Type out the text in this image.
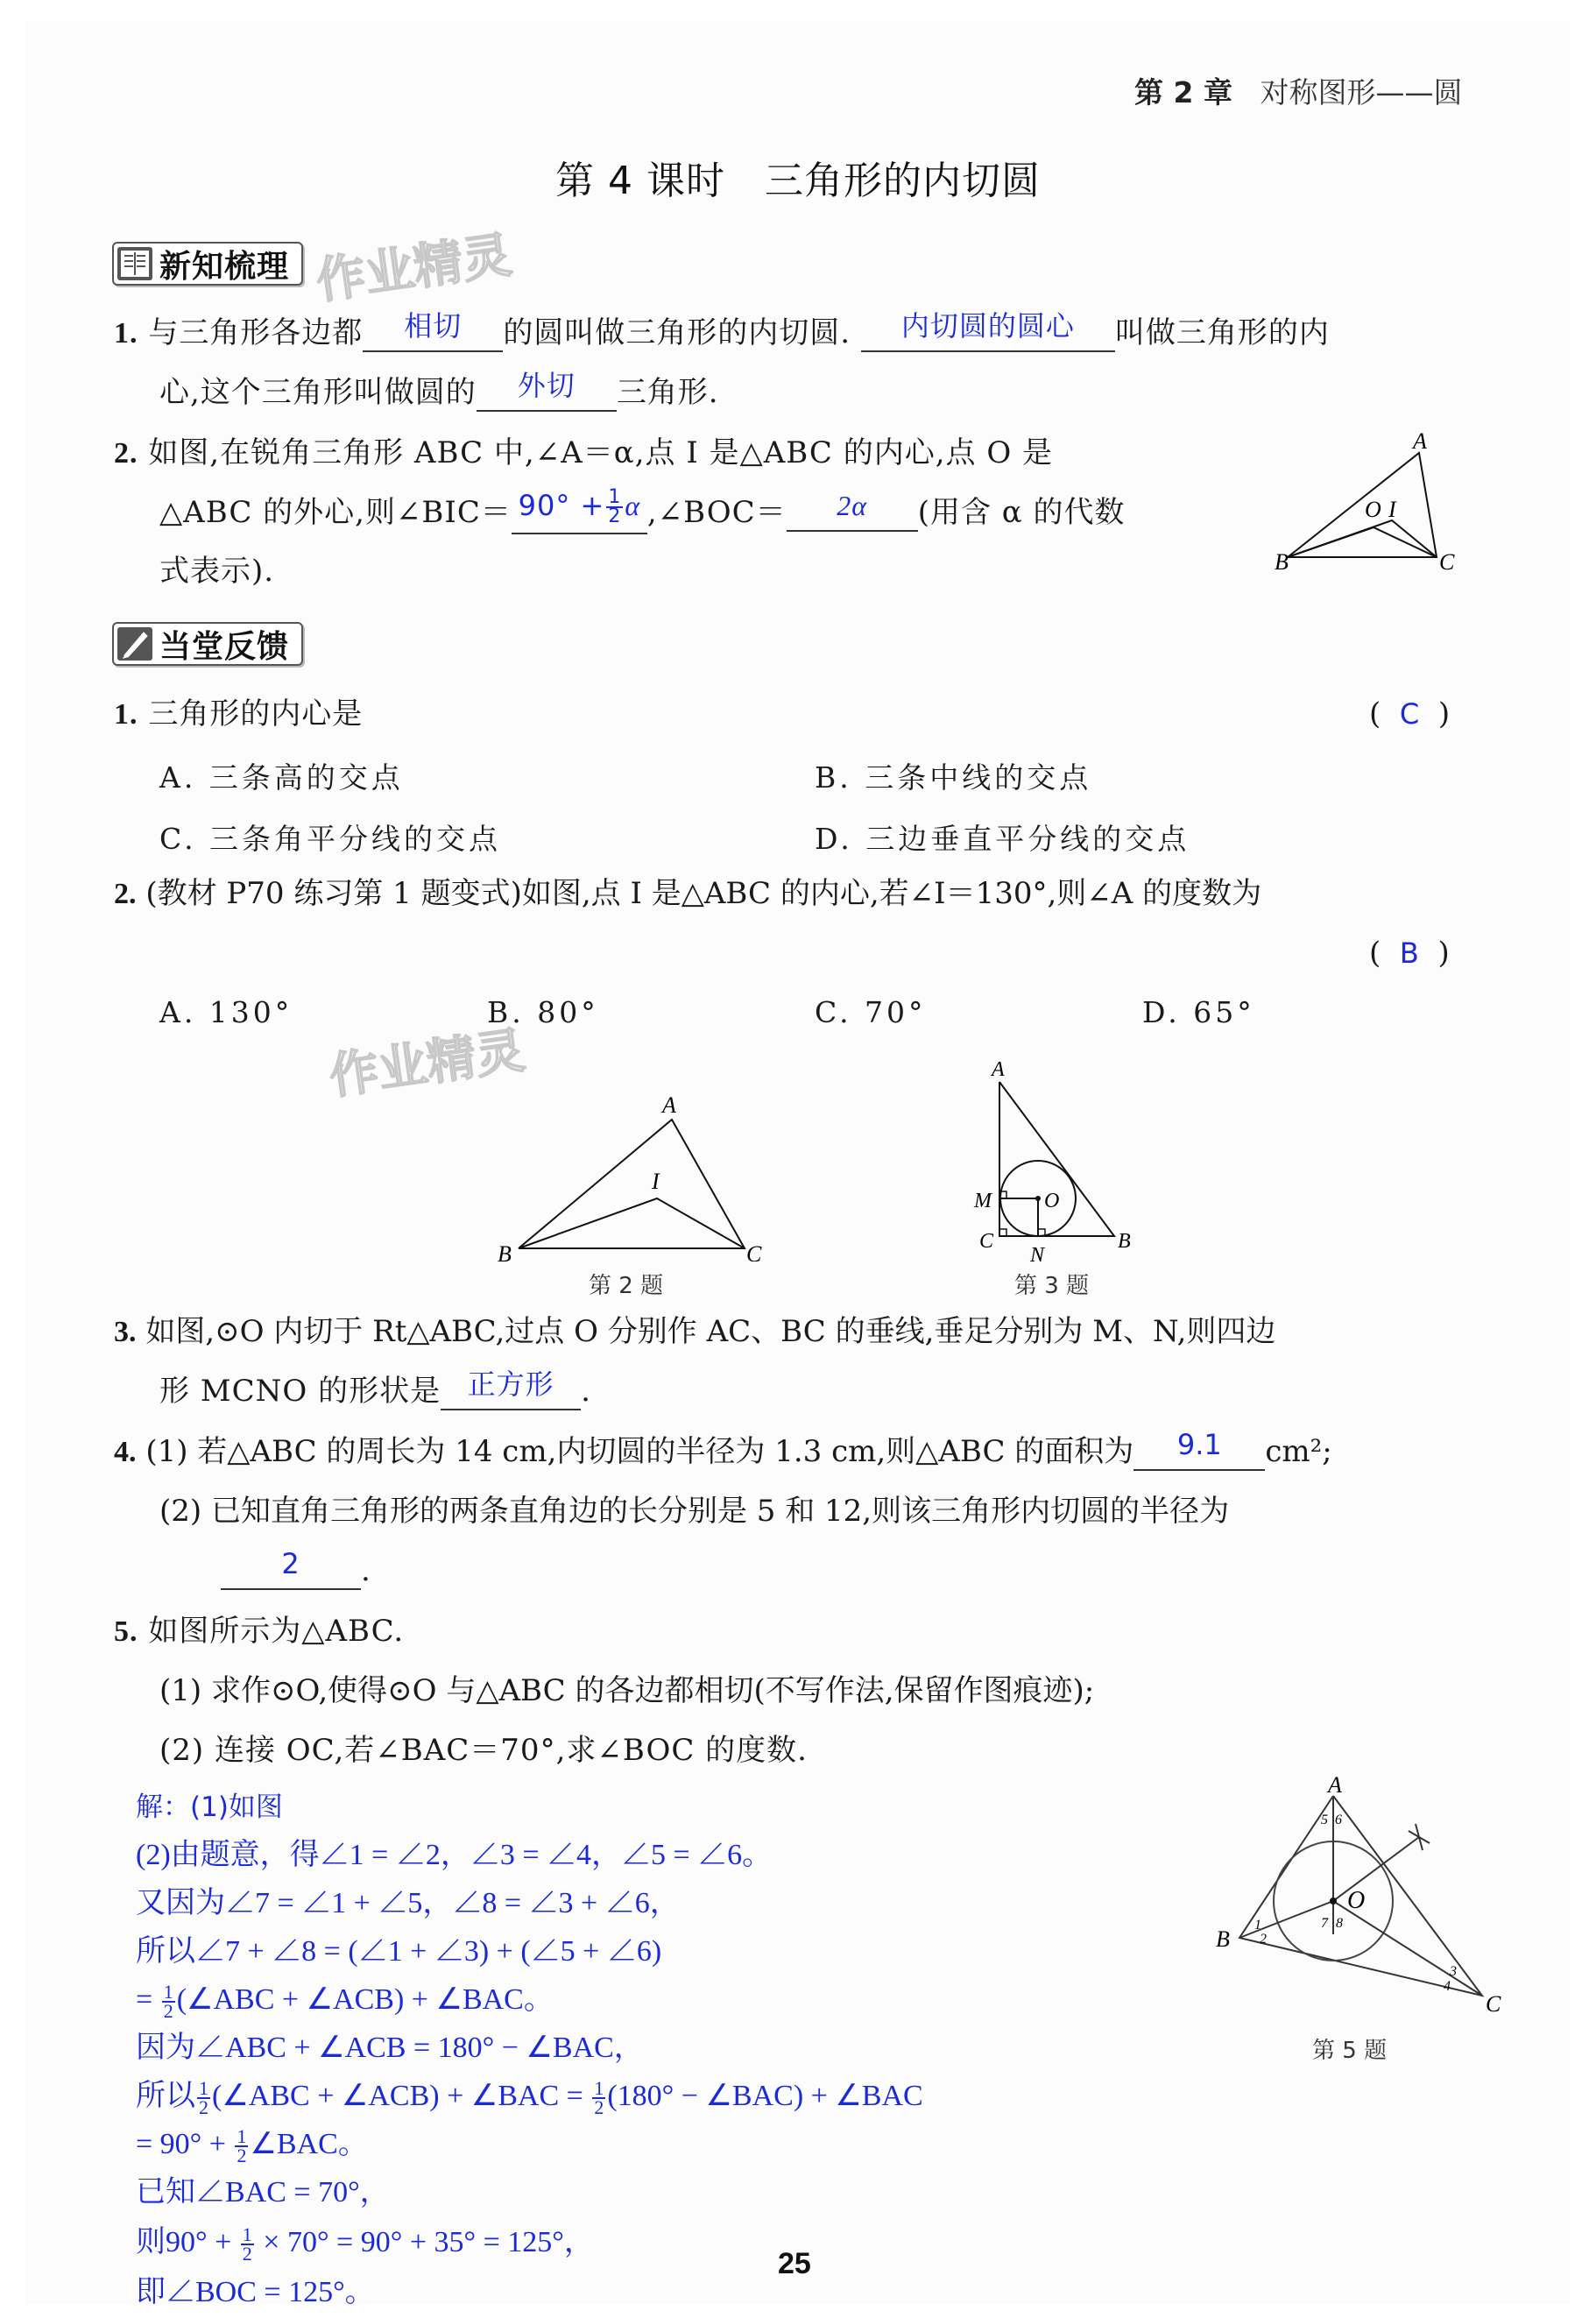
第 2 章 对称图形——圆
第 4 课时　三角形的内切圆
作业精灵
作业精灵
新知梳理
1. 与三角形各边都 相切 的圆叫做三角形的内切圆. 内切圆的圆心 叫做三角形的内
心,这个三角形叫做圆的 外切 三角形.
2. 如图,在锐角三角形 ABC 中,∠A＝α,点 I 是△ABC 的内心,点 O 是
△ABC 的外心,则∠BIC＝ $90^\circ + \frac{1}{2}$ α ,∠BOC＝ 2α (用含 α 的代数
式表示).
A
B	C
O I
当堂反馈
1. 三角形的内心是	(  C  )
A. 三条高的交点	B. 三条中线的交点
C. 三条角平分线的交点	D. 三边垂直平分线的交点
2. (教材 P70 练习第 1 题变式)如图,点 I 是△ABC 的内心,若∠I＝130°,则∠A 的度数为
(  B  )
A. 130°	B. 80°	C. 70°	D. 65°
A
B	C
I
第 2 题
A
M	O
C
N
B
第 3 题
3. 如图,⊙O 内切于 Rt△ABC,过点 O 分别作 AC、BC 的垂线,垂足分别为 M、N,则四边
形 MCNO 的形状是 正方形 .
4. (1) 若△ABC 的周长为 14 cm,内切圆的半径为 1.3 cm,则△ABC 的面积为 9.1 cm²;
(2) 已知直角三角形的两条直角边的长分别是 5 和 12,则该三角形内切圆的半径为
2 .
5. 如图所示为△ABC.
(1) 求作⊙O,使得⊙O 与△ABC 的各边都相切(不写作法,保留作图痕迹);
(2) 连接 OC,若∠BAC＝70°,求∠BOC 的度数.
解：(1)如图
(2)由题意，得∠1 = ∠2，∠3 = ∠4，∠5 = ∠6。
又因为∠7 = ∠1 + ∠5，∠8 = ∠3 + ∠6，
所以∠7 + ∠8 = (∠1 + ∠3) + (∠5 + ∠6)
= $\frac{1}{2}$ (∠ABC + ∠ACB) + ∠BAC。
因为∠ABC + ∠ACB = 180° − ∠BAC，
所以 $\frac{1}{2}$ (∠ABC + ∠ACB) + ∠BAC = $\frac{1}{2} (180^\circ$ − ∠BAC) + ∠BAC
= $90^\circ + \frac{1}{2}$ ∠BAC。
已知∠BAC = 70°，
则$90^\circ + \frac{1}{2} \times 70^\circ = 90^\circ + 35^\circ = 125^\circ$，
即∠BOC = 125°。
A
B
C
O
5 6
7 8
1
2
3
4
第 5 题
25
